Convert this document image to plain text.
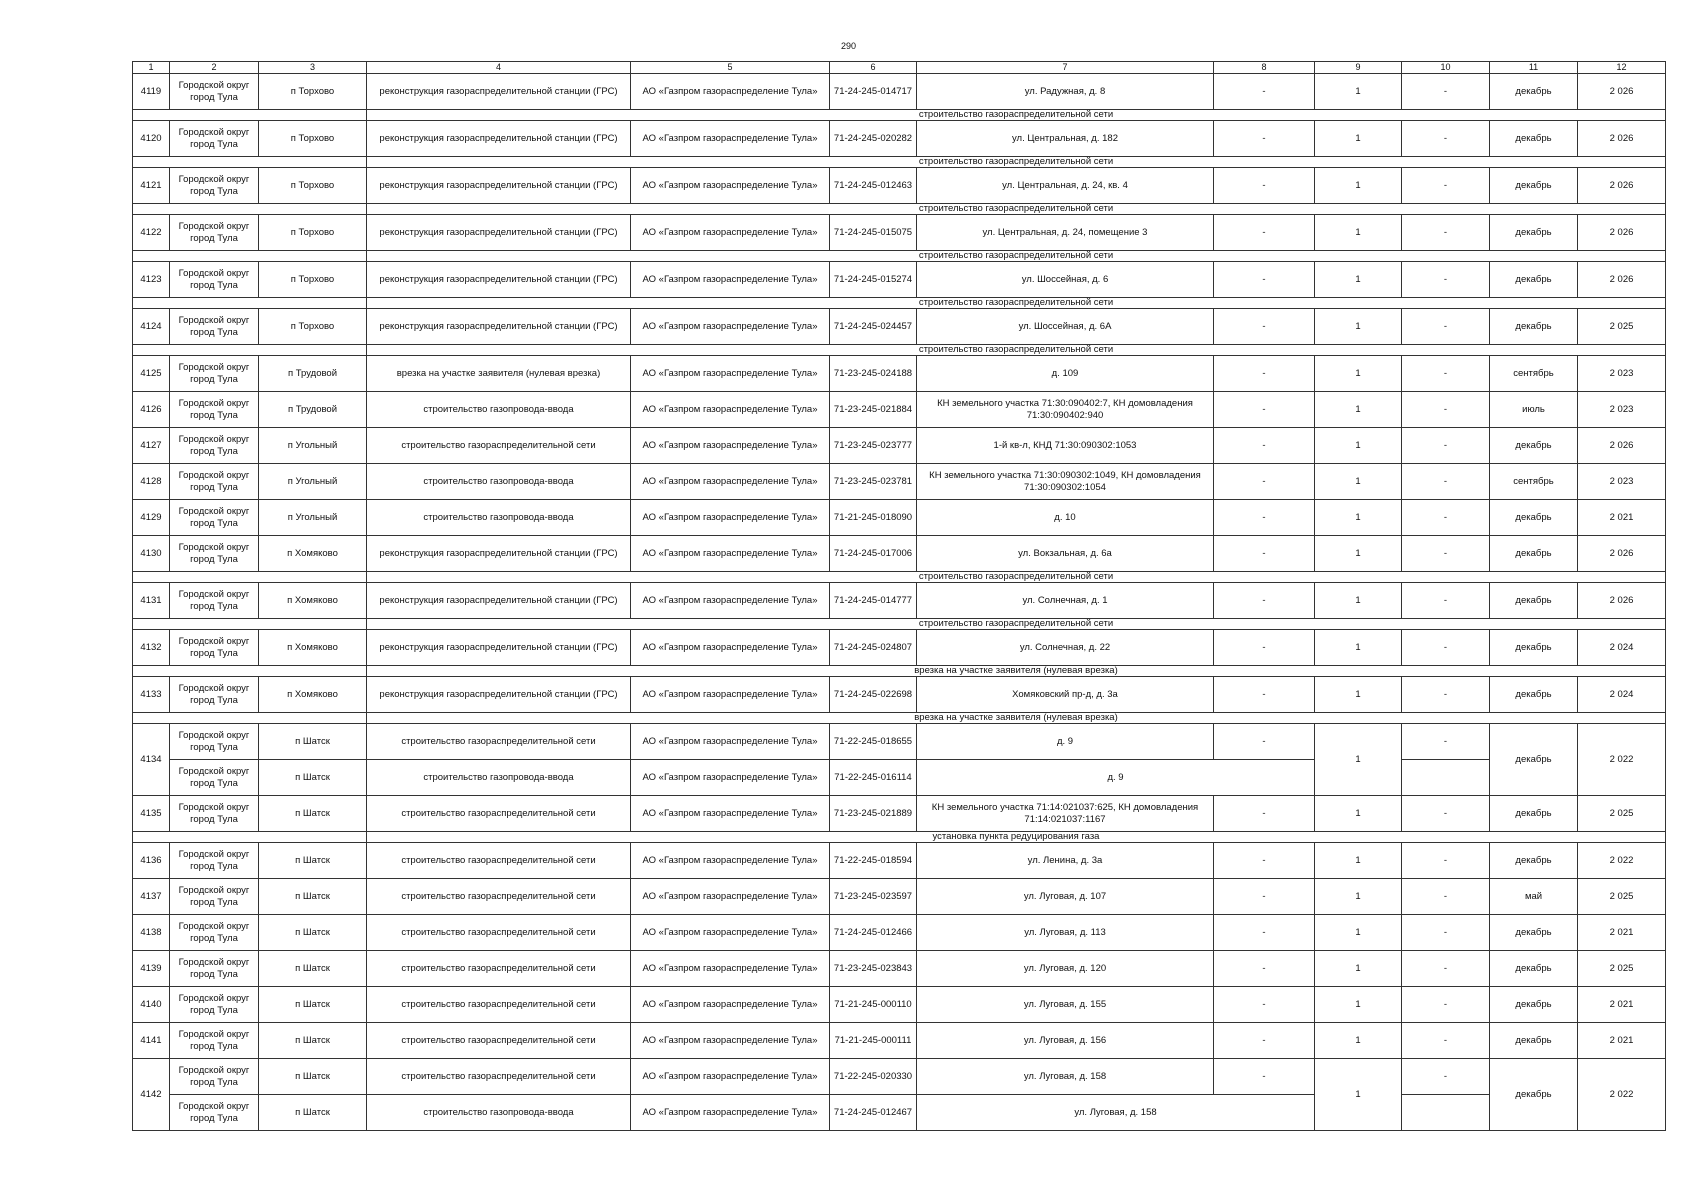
290
1	2	3	4	5	6	7	8	9	10	11	12
4119	Городской округ город Тула	п Торхово	реконструкция газораспределительной станции (ГРС)	АО «Газпром газораспределение Тула»	71-24-245-014717	ул. Радужная, д. 8	-	1	-	декабрь	2 026
			строительство газораспределительной сети								
4120	Городской округ город Тула	п Торхово	реконструкция газораспределительной станции (ГРС)	АО «Газпром газораспределение Тула»	71-24-245-020282	ул. Центральная, д. 182	-	1	-	декабрь	2 026
			строительство газораспределительной сети								
4121	Городской округ город Тула	п Торхово	реконструкция газораспределительной станции (ГРС)	АО «Газпром газораспределение Тула»	71-24-245-012463	ул. Центральная, д. 24, кв. 4	-	1	-	декабрь	2 026
			строительство газораспределительной сети								
4122	Городской округ город Тула	п Торхово	реконструкция газораспределительной станции (ГРС)	АО «Газпром газораспределение Тула»	71-24-245-015075	ул. Центральная, д. 24, помещение 3	-	1	-	декабрь	2 026
			строительство газораспределительной сети								
4123	Городской округ город Тула	п Торхово	реконструкция газораспределительной станции (ГРС)	АО «Газпром газораспределение Тула»	71-24-245-015274	ул. Шоссейная, д. 6	-	1	-	декабрь	2 026
			строительство газораспределительной сети								
4124	Городской округ город Тула	п Торхово	реконструкция газораспределительной станции (ГРС)	АО «Газпром газораспределение Тула»	71-24-245-024457	ул. Шоссейная, д. 6А	-	1	-	декабрь	2 025
			строительство газораспределительной сети								
4125	Городской округ город Тула	п Трудовой	врезка на участке заявителя (нулевая врезка)	АО «Газпром газораспределение Тула»	71-23-245-024188	д. 109	-	1	-	сентябрь	2 023
4126	Городской округ город Тула	п Трудовой	строительство газопровода-ввода	АО «Газпром газораспределение Тула»	71-23-245-021884	КН земельного участка 71:30:090402:7, КН домовладения 71:30:090402:940	-	1	-	июль	2 023
4127	Городской округ город Тула	п Угольный	строительство газораспределительной сети	АО «Газпром газораспределение Тула»	71-23-245-023777	1-й кв-л, КНД 71:30:090302:1053	-	1	-	декабрь	2 026
4128	Городской округ город Тула	п Угольный	строительство газопровода-ввода	АО «Газпром газораспределение Тула»	71-23-245-023781	КН земельного участка 71:30:090302:1049, КН домовладения 71:30:090302:1054	-	1	-	сентябрь	2 023
4129	Городской округ город Тула	п Угольный	строительство газопровода-ввода	АО «Газпром газораспределение Тула»	71-21-245-018090	д. 10	-	1	-	декабрь	2 021
4130	Городской округ город Тула	п Хомяково	реконструкция газораспределительной станции (ГРС)	АО «Газпром газораспределение Тула»	71-24-245-017006	ул. Вокзальная, д. 6а	-	1	-	декабрь	2 026
			строительство газораспределительной сети								
4131	Городской округ город Тула	п Хомяково	реконструкция газораспределительной станции (ГРС)	АО «Газпром газораспределение Тула»	71-24-245-014777	ул. Солнечная, д. 1	-	1	-	декабрь	2 026
			строительство газораспределительной сети								
4132	Городской округ город Тула	п Хомяково	реконструкция газораспределительной станции (ГРС)	АО «Газпром газораспределение Тула»	71-24-245-024807	ул. Солнечная, д. 22	-	1	-	декабрь	2 024
			врезка на участке заявителя (нулевая врезка)								
4133	Городской округ город Тула	п Хомяково	реконструкция газораспределительной станции (ГРС)	АО «Газпром газораспределение Тула»	71-24-245-022698	Хомяковский пр-д, д. 3а	-	1	-	декабрь	2 024
			врезка на участке заявителя (нулевая врезка)								
4134	Городской округ город Тула	п Шатск	строительство газораспределительной сети	АО «Газпром газораспределение Тула»	71-22-245-018655	д. 9	-	1	-	декабрь	2 022
	Городской округ город Тула	п Шатск	строительство газопровода-ввода	АО «Газпром газораспределение Тула»	71-22-245-016114	д. 9					
4135	Городской округ город Тула	п Шатск	строительство газораспределительной сети	АО «Газпром газораспределение Тула»	71-23-245-021889	КН земельного участка 71:14:021037:625, КН домовладения 71:14:021037:1167	-	1	-	декабрь	2 025
			установка пункта редуцирования газа								
4136	Городской округ город Тула	п Шатск	строительство газораспределительной сети	АО «Газпром газораспределение Тула»	71-22-245-018594	ул. Ленина, д. 3а	-	1	-	декабрь	2 022
4137	Городской округ город Тула	п Шатск	строительство газораспределительной сети	АО «Газпром газораспределение Тула»	71-23-245-023597	ул. Луговая, д. 107	-	1	-	май	2 025
4138	Городской округ город Тула	п Шатск	строительство газораспределительной сети	АО «Газпром газораспределение Тула»	71-24-245-012466	ул. Луговая, д. 113	-	1	-	декабрь	2 021
4139	Городской округ город Тула	п Шатск	строительство газораспределительной сети	АО «Газпром газораспределение Тула»	71-23-245-023843	ул. Луговая, д. 120	-	1	-	декабрь	2 025
4140	Городской округ город Тула	п Шатск	строительство газораспределительной сети	АО «Газпром газораспределение Тула»	71-21-245-000110	ул. Луговая, д. 155	-	1	-	декабрь	2 021
4141	Городской округ город Тула	п Шатск	строительство газораспределительной сети	АО «Газпром газораспределение Тула»	71-21-245-000111	ул. Луговая, д. 156	-	1	-	декабрь	2 021
4142	Городской округ город Тула	п Шатск	строительство газораспределительной сети	АО «Газпром газораспределение Тула»	71-22-245-020330	ул. Луговая, д. 158	-	1	-	декабрь	2 022
	Городской округ город Тула	п Шатск	строительство газопровода-ввода	АО «Газпром газораспределение Тула»	71-24-245-012467	ул. Луговая, д. 158					
